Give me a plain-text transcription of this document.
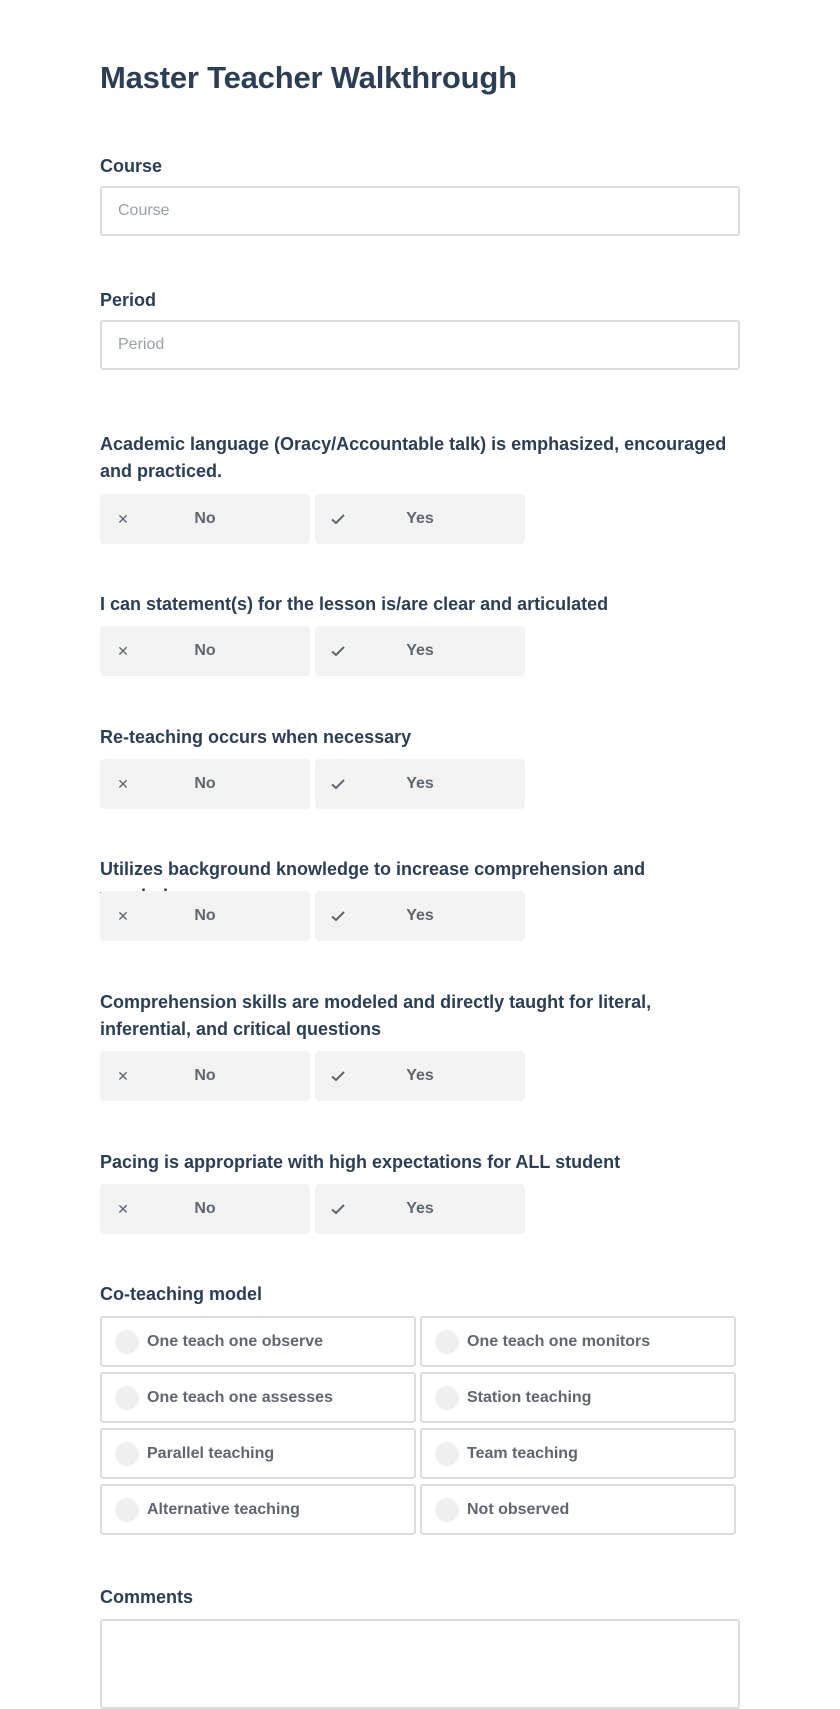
Master Teacher Walkthrough
Course
Course
Period
Period
Academic language (Oracy/Accountable talk) is emphasized, encouraged and practiced.
✕	No	Yes
I can statement(s) for the lesson is/are clear and articulated
✕	No	Yes
Re-teaching occurs when necessary
✕	No	Yes
Utilizes background knowledge to increase comprehension and
✕	No	Yes
Comprehension skills are modeled and directly taught for literal, inferential, and critical questions
✕	No	Yes
Pacing is appropriate with high expectations for ALL student
✕	No	Yes
Co-teaching model
One teach one observe	One teach one monitors
One teach one assesses	Station teaching
Parallel teaching	Team teaching
Alternative teaching	Not observed
Comments
